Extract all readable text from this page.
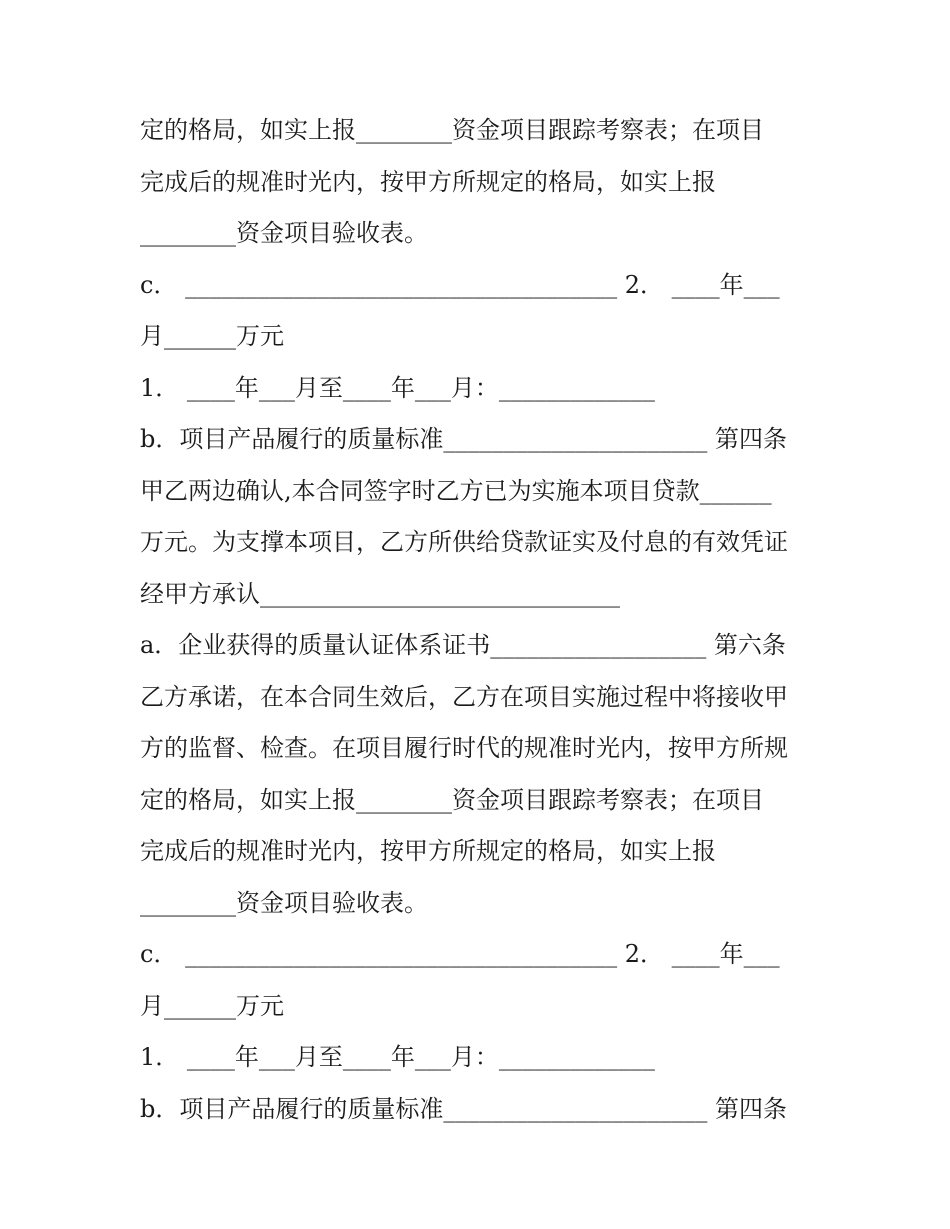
定的格局，如实上报________资金项目跟踪考察表；在项目
完成后的规准时光内，按甲方所规定的格局，如实上报
________资金项目验收表。
c． ____________________________________ 2． ____年___
月______万元
1． ____年___月至____年___月：_____________
b．项目产品履行的质量标准______________________ 第四条
甲乙两边确认,本合同签字时乙方已为实施本项目贷款______
万元。为支撑本项目，乙方所供给贷款证实及付息的有效凭证
经甲方承认______________________________
a．企业获得的质量认证体系证书__________________ 第六条
乙方承诺，在本合同生效后，乙方在项目实施过程中将接收甲
方的监督、检查。在项目履行时代的规准时光内，按甲方所规
定的格局，如实上报________资金项目跟踪考察表；在项目
完成后的规准时光内，按甲方所规定的格局，如实上报
________资金项目验收表。
c． ____________________________________ 2． ____年___
月______万元
1． ____年___月至____年___月：_____________
b．项目产品履行的质量标准______________________ 第四条
